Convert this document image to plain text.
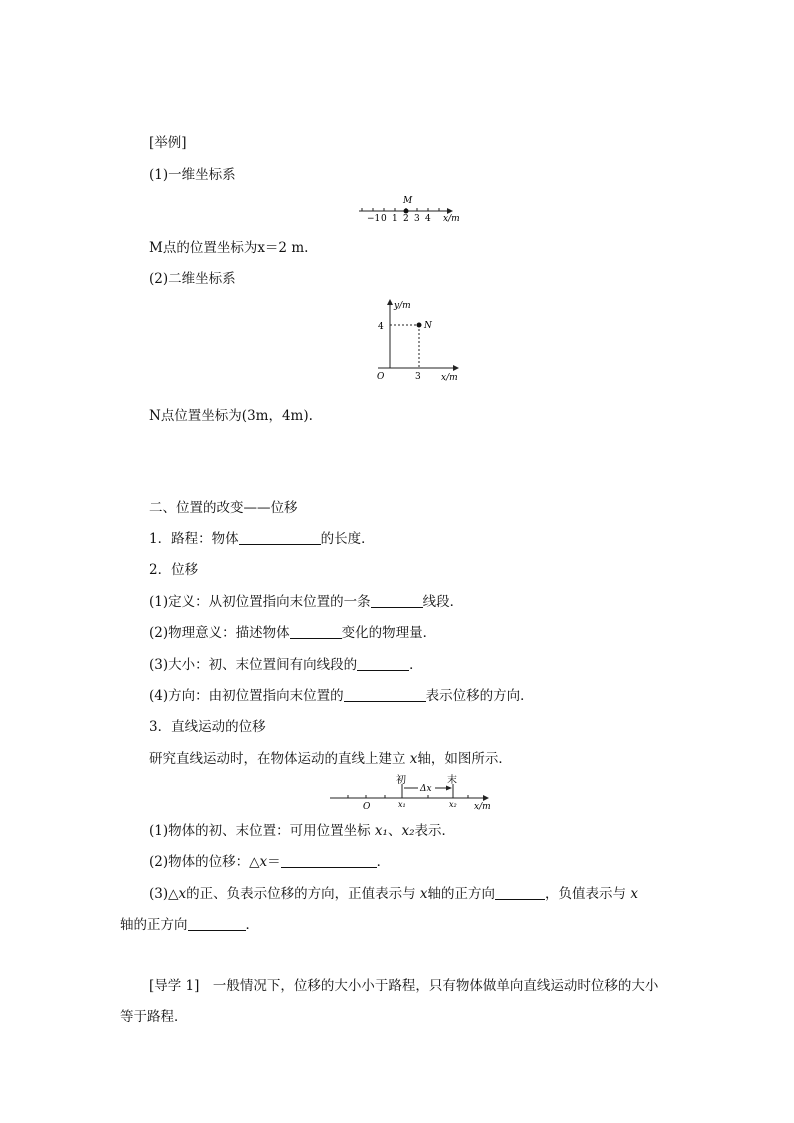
[举例]
(1)一维坐标系
M
−1 0 1 2 3 4 x/m
M点的位置坐标为x＝2 m.
(2)二维坐标系
y/m
4	N
O	3 x/m
N点位置坐标为(3m，4m).
二、位置的改变——位移
1．路程：物体	的长度．
2．位移
(1)定义：从初位置指向末位置的一条	线段．
(2)物理意义：描述物体	变化的物理量．
(3)大小：初、末位置间有向线段的	．
(4)方向：由初位置指向末位置的	表示位移的方向．
3．直线运动的位移
研究直线运动时，在物体运动的直线上建立 x轴，如图所示．
初	末
Δx
O	x₁	x₂ x/m
(1)物体的初、末位置：可用位置坐标 x₁、x₂表示．
(2)物体的位移：△x＝	．
(3)△x的正、负表示位移的方向，正值表示与 x轴的正方向	，负值表示与 x
轴的正方向	．
[导学 1]　一般情况下，位移的大小小于路程，只有物体做单向直线运动时位移的大小
等于路程．
